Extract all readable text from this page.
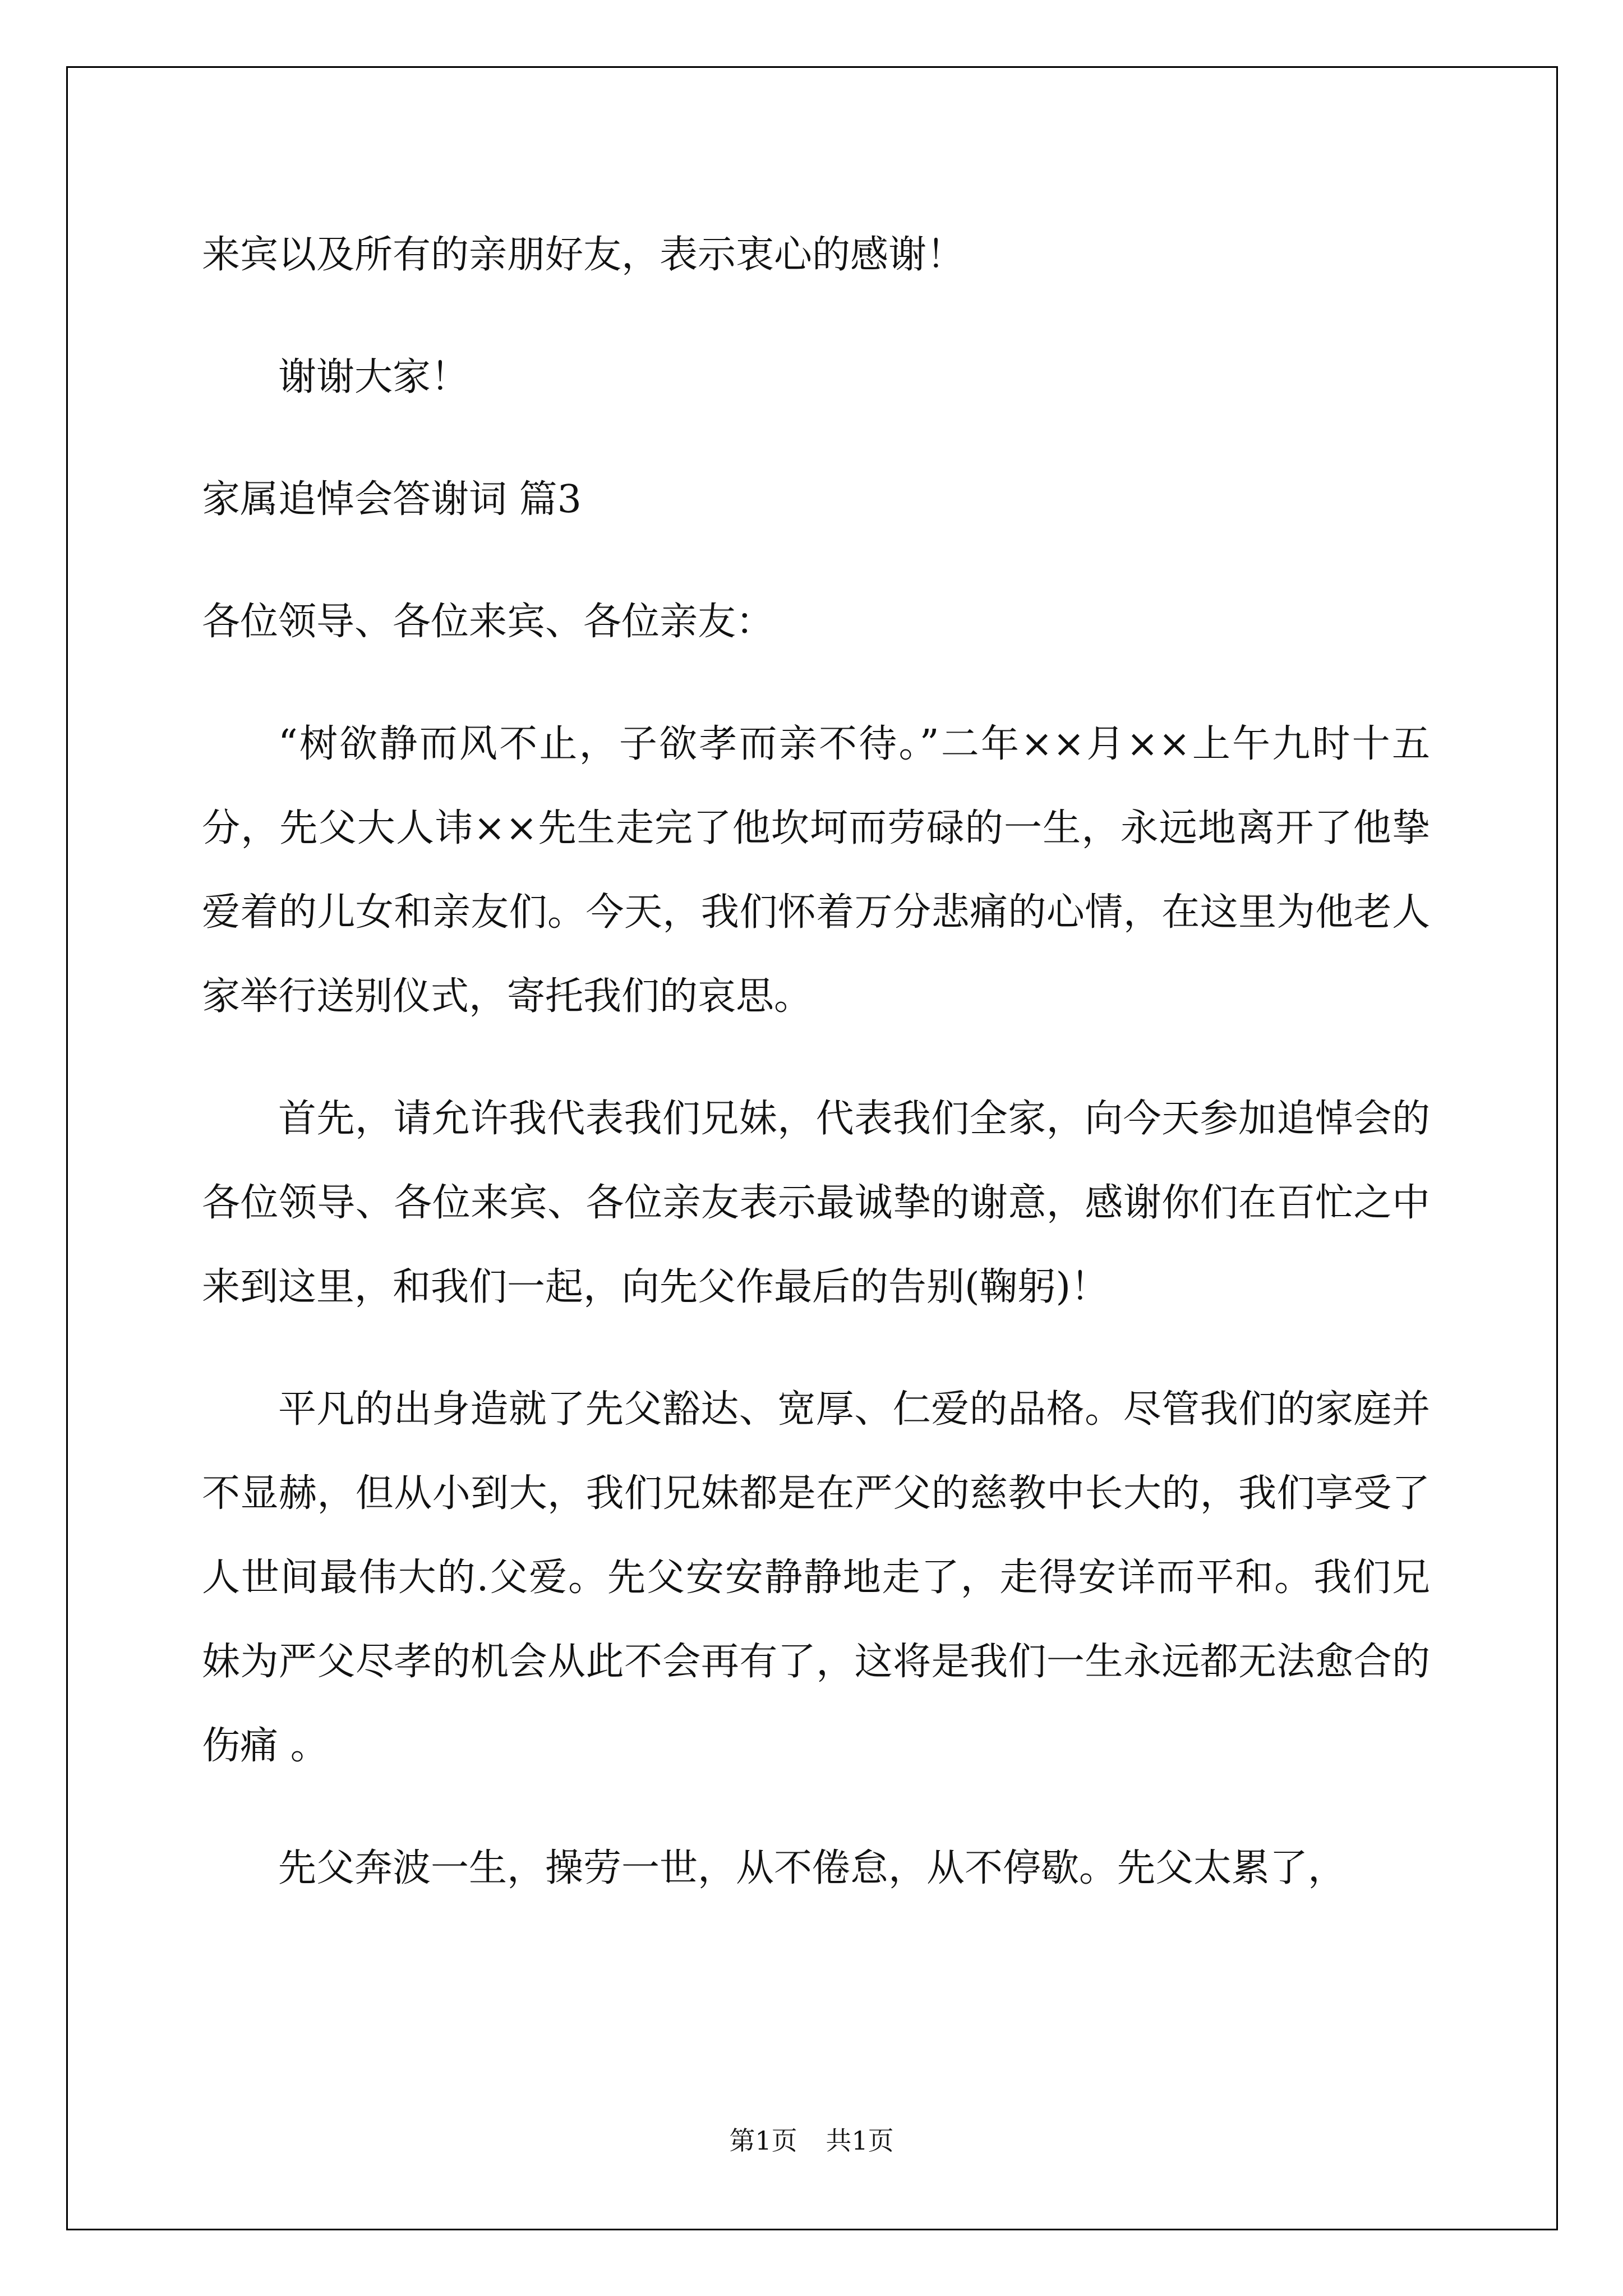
来宾以及所有的亲朋好友，表示衷心的感谢！

谢谢大家！

家属追悼会答谢词 篇3

各位领导、各位来宾、各位亲友：

“树欲静而风不止，子欲孝而亲不待。”二年××月××上午九时十五分，先父大人讳××先生走完了他坎坷而劳碌的一生，永远地离开了他挚爱着的儿女和亲友们。今天，我们怀着万分悲痛的心情，在这里为他老人家举行送别仪式，寄托我们的哀思。

首先，请允许我代表我们兄妹，代表我们全家，向今天参加追悼会的各位领导、各位来宾、各位亲友表示最诚挚的谢意，感谢你们在百忙之中来到这里，和我们一起，向先父作最后的告别(鞠躬)！

平凡的出身造就了先父豁达、宽厚、仁爱的品格。尽管我们的家庭并不显赫，但从小到大，我们兄妹都是在严父的慈教中长大的，我们享受了人世间最伟大的.父爱。先父安安静静地走了，走得安详而平和。我们兄妹为严父尽孝的机会从此不会再有了，这将是我们一生永远都无法愈合的伤痛 。

先父奔波一生，操劳一世，从不倦怠，从不停歇。先父太累了，

第1页 共1页
